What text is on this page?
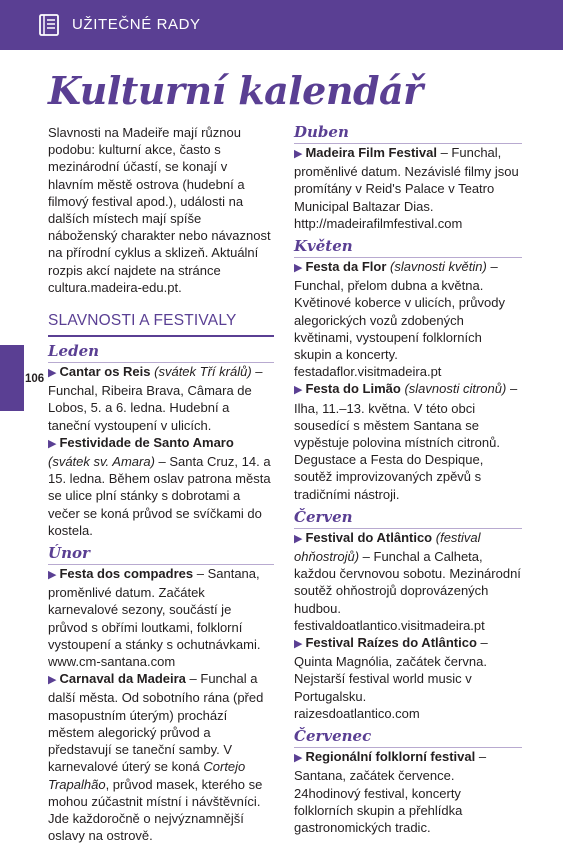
UŽITEČNÉ RADY
Kulturní kalendář
106

Slavnosti na Madeiře mají různou podobu: kulturní akce, často s mezinárodní účastí, se konají v hlavním městě ostrova (hudební a filmový festival apod.), události na dalších místech mají spíše náboženský charakter nebo návaznost na přírodní cyklus a sklizeň. Aktuální rozpis akcí najdete na stránce cultura.madeira-edu.pt.

SLAVNOSTI A FESTIVALY
Leden

▶ Cantar os Reis (svátek Tří králů) – Funchal, Ribeira Brava, Câmara de Lobos, 5. a 6. ledna. Hudební a taneční vystoupení v ulicích.

▶ Festividade de Santo Amaro (svátek sv. Amara) – Santa Cruz, 14. a 15. ledna. Během oslav patrona města se ulice plní stánky s dobrotami a večer se koná průvod se svíčkami do kostela.

Únor

▶ Festa dos compadres – Santana, proměnlivé datum. Začátek karnevalové sezony, součástí je průvod s obřími loutkami, folklorní vystoupení a stánky s ochutnávkami.

www.cm-santana.com

▶ Carnaval da Madeira – Funchal a další města. Od sobotního rána (před masopustním úterým) prochází městem alegorický průvod a představují se taneční samby. V karnevalové úterý se koná Cortejo Trapalhão, průvod masek, kterého se mohou zúčastnit místní i návštěvníci. Jde každoročně o nejvýznamnější oslavy na ostrově.

Duben

▶ Madeira Film Festival – Funchal, proměnlivé datum. Nezávislé filmy jsou promítány v Reid's Palace v Teatro Municipal Baltazar Dias.

http://madeirafilmfestival.com

Květen

▶ Festa da Flor (slavnosti květin) – Funchal, přelom dubna a května. Květinové koberce v ulicích, průvody alegorických vozů zdobených květinami, vystoupení folklorních skupin a koncerty.

festadaflor.visitmadeira.pt

▶ Festa do Limão (slavnosti citronů) – Ilha, 11.–13. května. V této obci sousedící s městem Santana se vypěstuje polovina místních citronů. Degustace a Festa do Despique, soutěž improvizovaných zpěvů s tradičními nástroji.

Červen

▶ Festival do Atlântico (festival ohňostrojů) – Funchal a Calheta, každou červnovou sobotu. Mezinárodní soutěž ohňostrojů doprovázených hudbou.

festivaldoatlantico.visitmadeira.pt

▶ Festival Raízes do Atlântico – Quinta Magnólia, začátek června. Nejstarší festival world music v Portugalsku.

raizesdoatlantico.com

Červenec

▶ Regionální folklorní festival – Santana, začátek července. 24hodinový festival, koncerty folklorních skupin a přehlídka gastronomických tradic.
